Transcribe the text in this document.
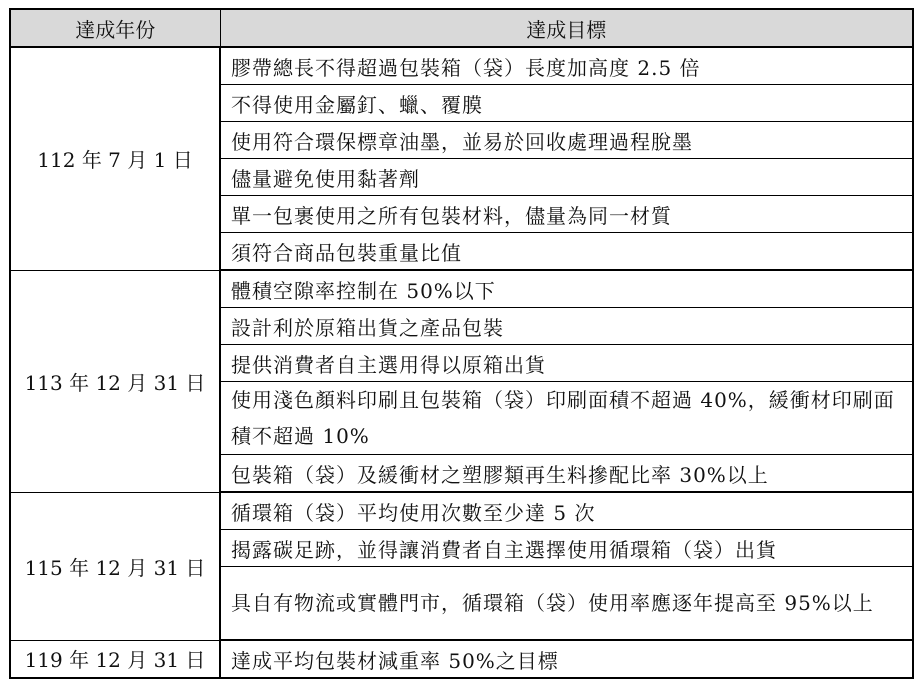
達成年份	達成目標
112 年 7 月 1 日	膠帶總長不得超過包裝箱（袋）長度加高度 2.5 倍
	不得使用金屬釘、蠟、覆膜
	使用符合環保標章油墨，並易於回收處理過程脫墨
	儘量避免使用黏著劑
	單一包裹使用之所有包裝材料，儘量為同一材質
	須符合商品包裝重量比值
113 年 12 月 31 日	體積空隙率控制在 50%以下
	設計利於原箱出貨之產品包裝
	提供消費者自主選用得以原箱出貨
	使用淺色顏料印刷且包裝箱（袋）印刷面積不超過 40%，緩衝材印刷面積不超過 10%
	包裝箱（袋）及緩衝材之塑膠類再生料摻配比率 30%以上
115 年 12 月 31 日	循環箱（袋）平均使用次數至少達 5 次
	揭露碳足跡，並得讓消費者自主選擇使用循環箱（袋）出貨
	具自有物流或實體門市，循環箱（袋）使用率應逐年提高至 95%以上
119 年 12 月 31 日	達成平均包裝材減重率 50%之目標
